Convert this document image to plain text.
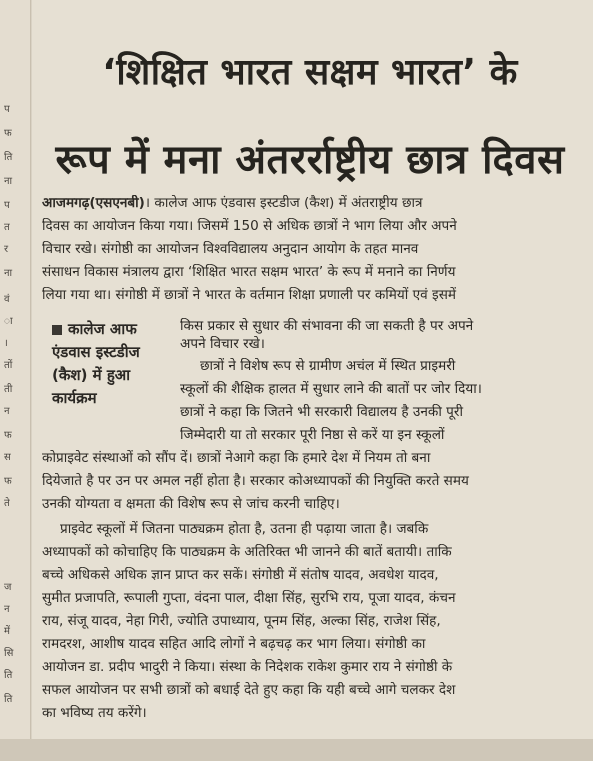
प
फ
ति
ना
प
त
र
ना
वं
ा
।
तों
ती
न
फ
स
फ
ते
ज
न
में
सि
ति
ति
‘शिक्षित भारत सक्षम भारत’ के
रूप में मना अंतरर्राष्ट्रीय छात्र दिवस
आजमगढ़(एसएनबी)। कालेज आफ एंडवास इस्टडीज (कैश) में अंतराष्ट्रीय छात्र
दिवस का आयोजन किया गया। जिसमें 150 से अधिक छात्रों ने भाग लिया और अपने
विचार रखे। संगोष्ठी का आयोजन विश्वविद्यालय अनुदान आयोग के तहत मानव
संसाधन विकास मंत्रालय द्वारा ‘शिक्षित भारत सक्षम भारत’ के रूप में मनाने का निर्णय
लिया गया था। संगोष्ठी में छात्रों ने भारत के वर्तमान शिक्षा प्रणाली पर कमियों एवं इसमें
कालेज आफ
एंडवास इस्टडीज
(कैश) में हुआ
कार्यक्रम
किस प्रकार से सुधार की संभावना की जा सकती है पर अपने
अपने विचार रखे।
छात्रों ने विशेष रूप से ग्रामीण अचंल में स्थित प्राइमरी
स्कूलों की शैक्षिक हालत में सुधार लाने की बातों पर जोर दिया।
छात्रों ने कहा कि जितने भी सरकारी विद्यालय है उनकी पूरी
जिम्मेदारी या तो सरकार पूरी निष्ठा से करें या इन स्कूलों
कोप्राइवेट संस्थाओं को सौंप दें। छात्रों नेआगे कहा कि हमारे देश में नियम तो बना
दियेजाते है पर उन पर अमल नहीं होता है। सरकार कोअध्यापकों की नियुक्ति करते समय
उनकी योग्यता व क्षमता की विशेष रूप से जांच करनी चाहिए।
प्राइवेट स्कूलों में जितना पाठ्यक्रम होता है, उतना ही पढ़ाया जाता है। जबकि
अध्यापकों को कोचाहिए कि पाठ्यक्रम के अतिरिक्त भी जानने की बातें बतायी। ताकि
बच्चे अधिकसे अधिक ज्ञान प्राप्त कर सकें। संगोष्ठी में संतोष यादव, अवधेश यादव,
सुमीत प्रजापति, रूपाली गुप्ता, वंदना पाल, दीक्षा सिंह, सुरभि राय, पूजा यादव, कंचन
राय, संजू यादव, नेहा गिरी, ज्योति उपाध्याय, पूनम सिंह, अल्का सिंह, राजेश सिंह,
रामदरश, आशीष यादव सहित आदि लोगों ने बढ़चढ़ कर भाग लिया। संगोष्ठी का
आयोजन डा. प्रदीप भादुरी ने किया। संस्था के निदेशक राकेश कुमार राय ने संगोष्ठी के
सफल आयोजन पर सभी छात्रों को बधाई देते हुए कहा कि यही बच्चे आगे चलकर देश
का भविष्य तय करेंगे।
